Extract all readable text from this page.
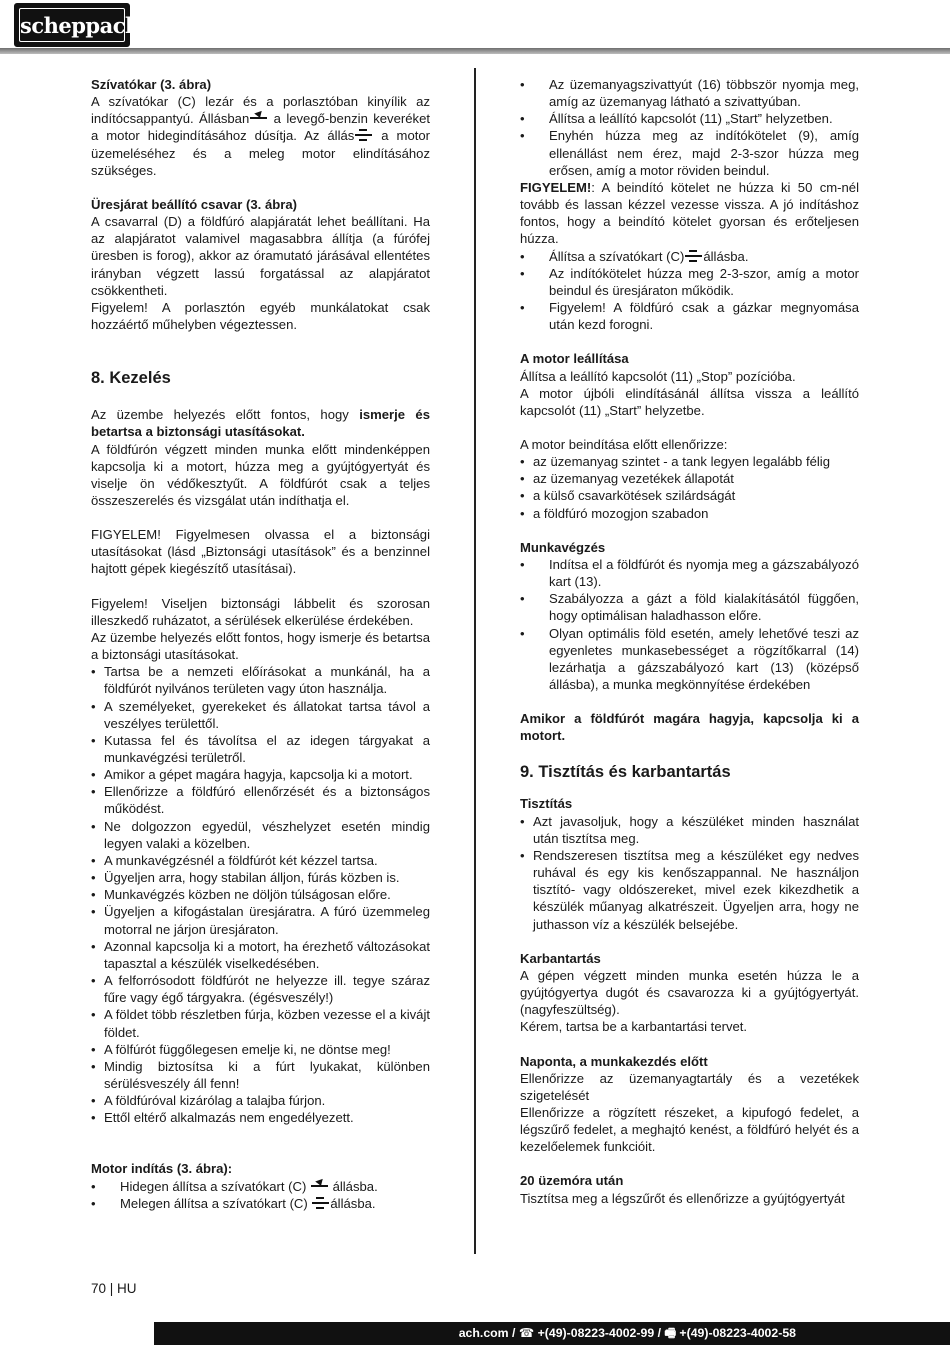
scheppach

Szívatókar (3. ábra)

A szívatókar (C) lezár és a porlasztóban kinyílik az indítócsappantyú. Állásban a levegő-benzin keveréket a motor hidegindításához dúsítja. Az állás a motor üzemeléséhez és a meleg motor elindításához szükséges.

Üresjárat beállító csavar (3. ábra)

A csavarral (D) a földfúró alapjáratát lehet beállítani. Ha az alapjáratot valamivel magasabbra állítja (a fúrófej üresben is forog), akkor az óramutató járásával ellentétes irányban végzett lassú forgatással az alapjáratot csökkentheti.

Figyelem! A porlasztón egyéb munkálatokat csak hozzáértő műhelyben végeztessen.

8. Kezelés

Az üzembe helyezés előtt fontos, hogy ismerje és betartsa a biztonsági utasításokat.

A földfúrón végzett minden munka előtt mindenképpen kapcsolja ki a motort, húzza meg a gyújtógyertyát és viselje ön védőkesztyűt. A földfúrót csak a teljes összeszerelés és vizsgálat után indíthatja el.

FIGYELEM! Figyelmesen olvassa el a biztonsági utasításokat (lásd „Biztonsági utasítások” és a benzinnel hajtott gépek kiegészítő utasításai).

Figyelem! Viseljen biztonsági lábbelit és szorosan illeszkedő ruházatot, a sérülések elkerülése érdekében.

Az üzembe helyezés előtt fontos, hogy ismerje és betartsa a biztonsági utasításokat.

• Tartsa be a nemzeti előírásokat a munkánál, ha a földfúrót nyilvános területen vagy úton használja.
• A személyeket, gyerekeket és állatokat tartsa távol a veszélyes területtől.
• Kutassa fel és távolítsa el az idegen tárgyakat a munkavégzési területről.
• Amikor a gépet magára hagyja, kapcsolja ki a motort.
• Ellenőrizze a földfúró ellenőrzését és a biztonságos működést.
• Ne dolgozzon egyedül, vészhelyzet esetén mindig legyen valaki a közelben.
• A munkavégzésnél a földfúrót két kézzel tartsa.
• Ügyeljen arra, hogy stabilan álljon, fúrás közben is.
• Munkavégzés közben ne döljön túlságosan előre.
• Ügyeljen a kifogástalan üresjáratra. A fúró üzemmeleg motorral ne járjon üresjáraton.
• Azonnal kapcsolja ki a motort, ha érezhető változásokat tapasztal a készülék viselkedésében.
• A felforrósodott földfúrót ne helyezze ill. tegye száraz fűre vagy égő tárgyakra. (égésveszély!)
• A földet több részletben fúrja, közben vezesse el a kivájt földet.
• A fölfúrót függőlegesen emelje ki, ne döntse meg!
• Mindig biztosítsa ki a fúrt lyukakat, különben sérülésveszély áll fenn!
• A földfúróval kizárólag a talajba fúrjon.
• Ettől eltérő alkalmazás nem engedélyezett.

Motor indítás (3. ábra):

• Hidegen állítsa a szívatókart (C)  állásba.
• Melegen állítsa a szívatókart (C) állásba.
• Az üzemanyagszivattyút (16) többször nyomja meg, amíg az üzemanyag látható a szivattyúban.
• Állítsa a leállító kapcsolót (11) „Start” helyzetben.
• Enyhén húzza meg az indítókötelet (9), amíg ellenállást nem érez, majd 2-3-szor húzza meg erősen, amíg a motor röviden beindul.

FIGYELEM!: A beindító kötelet ne húzza ki 50 cm-nél tovább és lassan kézzel vezesse vissza. A jó indításhoz fontos, hogy a beindító kötelet gyorsan és erőteljesen húzza.

• Állítsa a szívatókart (C) állásba.
• Az indítókötelet húzza meg 2-3-szor, amíg a motor beindul és üresjáraton működik.
• Figyelem! A földfúró csak a gázkar megnyomása után kezd forogni.

A motor leállítása

Állítsa a leállító kapcsolót (11) „Stop” pozícióba.

A motor újbóli elindításánál állítsa vissza a leállító kapcsolót (11) „Start” helyzetbe.

A motor beindítása előtt ellenőrizze:

• az üzemanyag szintet - a tank legyen legalább félig
• az üzemanyag vezetékek állapotát
• a külső csavarkötések szilárdságát
• a földfúró mozogjon szabadon

Munkavégzés

• Indítsa el a földfúrót és nyomja meg a gázszabályozó kart (13).
• Szabályozza a gázt a föld kialakításától függően, hogy optimálisan haladhasson előre.
• Olyan optimális föld esetén, amely lehetővé teszi az egyenletes munkasebességet a rögzítőkarral (14) lezárhatja a gázszabályozó kart (13) (középső állásba), a munka megkönnyítése érdekében

Amikor a földfúrót magára hagyja, kapcsolja ki a motort.

9. Tisztítás és karbantartás

Tisztítás

• Azt javasoljuk, hogy a készüléket minden használat után tisztítsa meg.
• Rendszeresen tisztítsa meg a készüléket egy nedves ruhával és egy kis kenőszappannal. Ne használjon tisztító- vagy oldószereket, mivel ezek kikezdhetik a készülék műanyag alkatrészeit. Ügyeljen arra, hogy ne juthasson víz a készülék belsejébe.

Karbantartás

A gépen végzett minden munka esetén húzza le a gyújtógyertya dugót és csavarozza ki a gyújtógyertyát. (nagyfeszültség).

Kérem, tartsa be a karbantartási tervet.

Naponta, a munkakezdés előtt

Ellenőrizze az üzemanyagtartály és a vezetékek szigetelését

Ellenőrizze a rögzített részeket, a kipufogó fedelet, a légszűrő fedelet, a meghajtó kenést, a földfúró helyét és a kezelőelemek funkcióit.

20 üzemóra után

Tisztítsa meg a légszűrőt és ellenőrizze a gyújtógyertyát

70 | HU
ach.com / ☎ +(49)-08223-4002-99 / 🖷 +(49)-08223-4002-58
